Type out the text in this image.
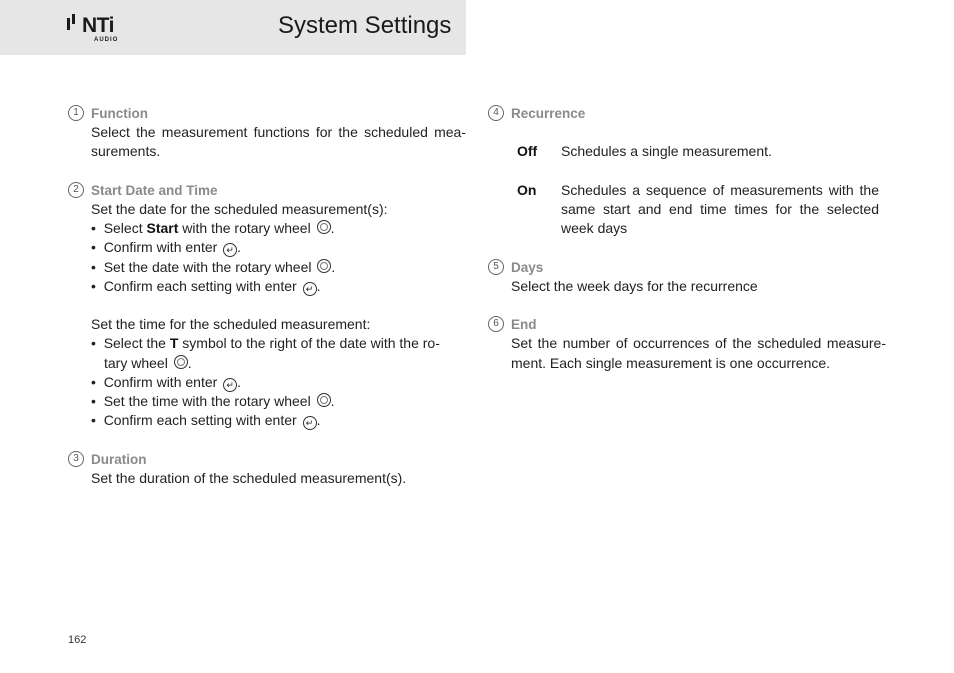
NTi
AUDIO
System Settings
1 Function
Select the measurement functions for the scheduled mea-
surements.
2 Start Date and Time
Set the date for the scheduled measurement(s):
•  Select Start with the rotary wheel .
•  Confirm with enter ↵ .
•  Set the date with the rotary wheel .
•  Confirm each setting with enter ↵ .
Set the time for the scheduled measurement:
•  Select the T symbol to the right of the date with the ro-
tary wheel .
•  Confirm with enter ↵ .
•  Set the time with the rotary wheel .
•  Confirm each setting with enter ↵ .
3 Duration
Set the duration of the scheduled measurement(s).
4 Recurrence
Off Schedules a single measurement.
On Schedules a sequence of measurements with the
same start and end time times for the selected
week days
5 Days
Select the week days for the recurrence
6 End
Set the number of occurrences of the scheduled measure-
ment. Each single measurement is one occurrence.
162
